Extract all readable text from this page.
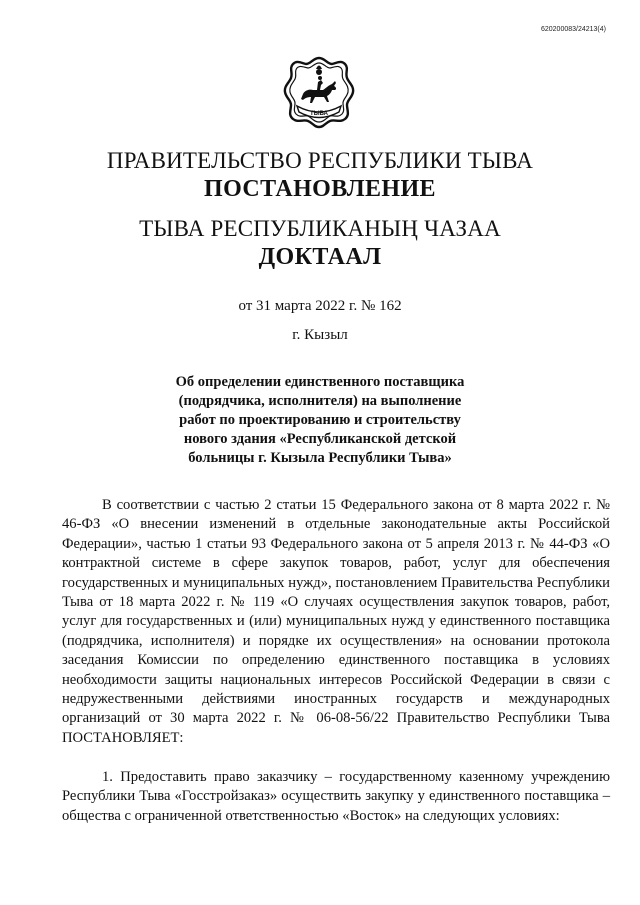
620200083/24213(4)
ТЫВА
ПРАВИТЕЛЬСТВО РЕСПУБЛИКИ ТЫВА
ПОСТАНОВЛЕНИЕ
ТЫВА РЕСПУБЛИКАНЫҢ ЧАЗАА
ДОКТААЛ
от 31 марта 2022 г. № 162
г. Кызыл
Об определении единственного поставщика
(подрядчика, исполнителя) на выполнение
работ по проектированию и строительству
нового здания «Республиканской детской
больницы г. Кызыла Республики Тыва»

В соответствии с частью 2 статьи 15 Федерального закона от 8 марта 2022 г. № 46-ФЗ «О внесении изменений в отдельные законодательные акты Российской Федерации», частью 1 статьи 93 Федерального закона от 5 апреля 2013 г. № 44-ФЗ «О контрактной системе в сфере закупок товаров, работ, услуг для обеспечения государственных и муниципальных нужд», постановлением Правительства Республики Тыва от 18 марта 2022 г. № 119 «О случаях осуществления закупок товаров, работ, услуг для государственных и (или) муниципальных нужд у единственного поставщика (подрядчика, исполнителя) и порядке их осуществления» на основании протокола заседания Комиссии по определению единственного поставщика в условиях необходимости защиты национальных интересов Российской Федерации в связи с недружественными действиями иностранных государств и международных организаций от 30 марта 2022 г. № 06-08-56/22 Правительство Республики Тыва ПОСТАНОВЛЯЕТ:

1. Предоставить право заказчику – государственному казенному учреждению Республики Тыва «Госстройзаказ» осуществить закупку у единственного поставщика – общества с ограниченной ответственностью «Восток» на следующих условиях:
